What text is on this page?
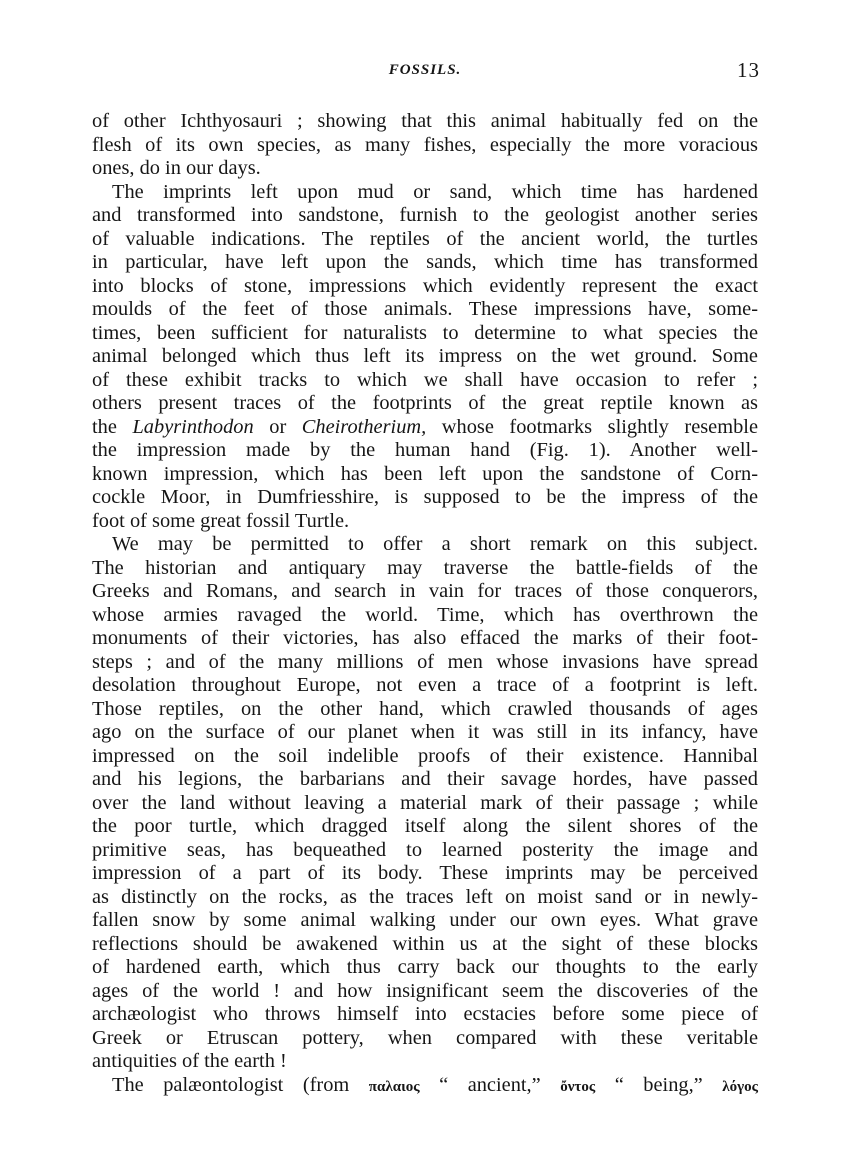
FOSSILS.	13
of other Ichthyosauri ; showing that this animal habitually fed on the
flesh of its own species, as many fishes, especially the more voracious
ones, do in our days.
The imprints left upon mud or sand, which time has hardened
and transformed into sandstone, furnish to the geologist another series
of valuable indications. The reptiles of the ancient world, the turtles
in particular, have left upon the sands, which time has transformed
into blocks of stone, impressions which evidently represent the exact
moulds of the feet of those animals. These impressions have, some-
times, been sufficient for naturalists to determine to what species the
animal belonged which thus left its impress on the wet ground. Some
of these exhibit tracks to which we shall have occasion to refer ;
others present traces of the footprints of the great reptile known as
the Labyrinthodon or Cheirotherium, whose footmarks slightly resemble
the impression made by the human hand (Fig. 1). Another well-
known impression, which has been left upon the sandstone of Corn-
cockle Moor, in Dumfriesshire, is supposed to be the impress of the
foot of some great fossil Turtle.
We may be permitted to offer a short remark on this subject.
The historian and antiquary may traverse the battle-fields of the
Greeks and Romans, and search in vain for traces of those conquerors,
whose armies ravaged the world. Time, which has overthrown the
monuments of their victories, has also effaced the marks of their foot-
steps ; and of the many millions of men whose invasions have spread
desolation throughout Europe, not even a trace of a footprint is left.
Those reptiles, on the other hand, which crawled thousands of ages
ago on the surface of our planet when it was still in its infancy, have
impressed on the soil indelible proofs of their existence. Hannibal
and his legions, the barbarians and their savage hordes, have passed
over the land without leaving a material mark of their passage ; while
the poor turtle, which dragged itself along the silent shores of the
primitive seas, has bequeathed to learned posterity the image and
impression of a part of its body. These imprints may be perceived
as distinctly on the rocks, as the traces left on moist sand or in newly-
fallen snow by some animal walking under our own eyes. What grave
reflections should be awakened within us at the sight of these blocks
of hardened earth, which thus carry back our thoughts to the early
ages of the world ! and how insignificant seem the discoveries of the
archæologist who throws himself into ecstacies before some piece of
Greek or Etruscan pottery, when compared with these veritable
antiquities of the earth !
The palæontologist (from παλαιος “ ancient,” ὄντος “ being,” λόγος
